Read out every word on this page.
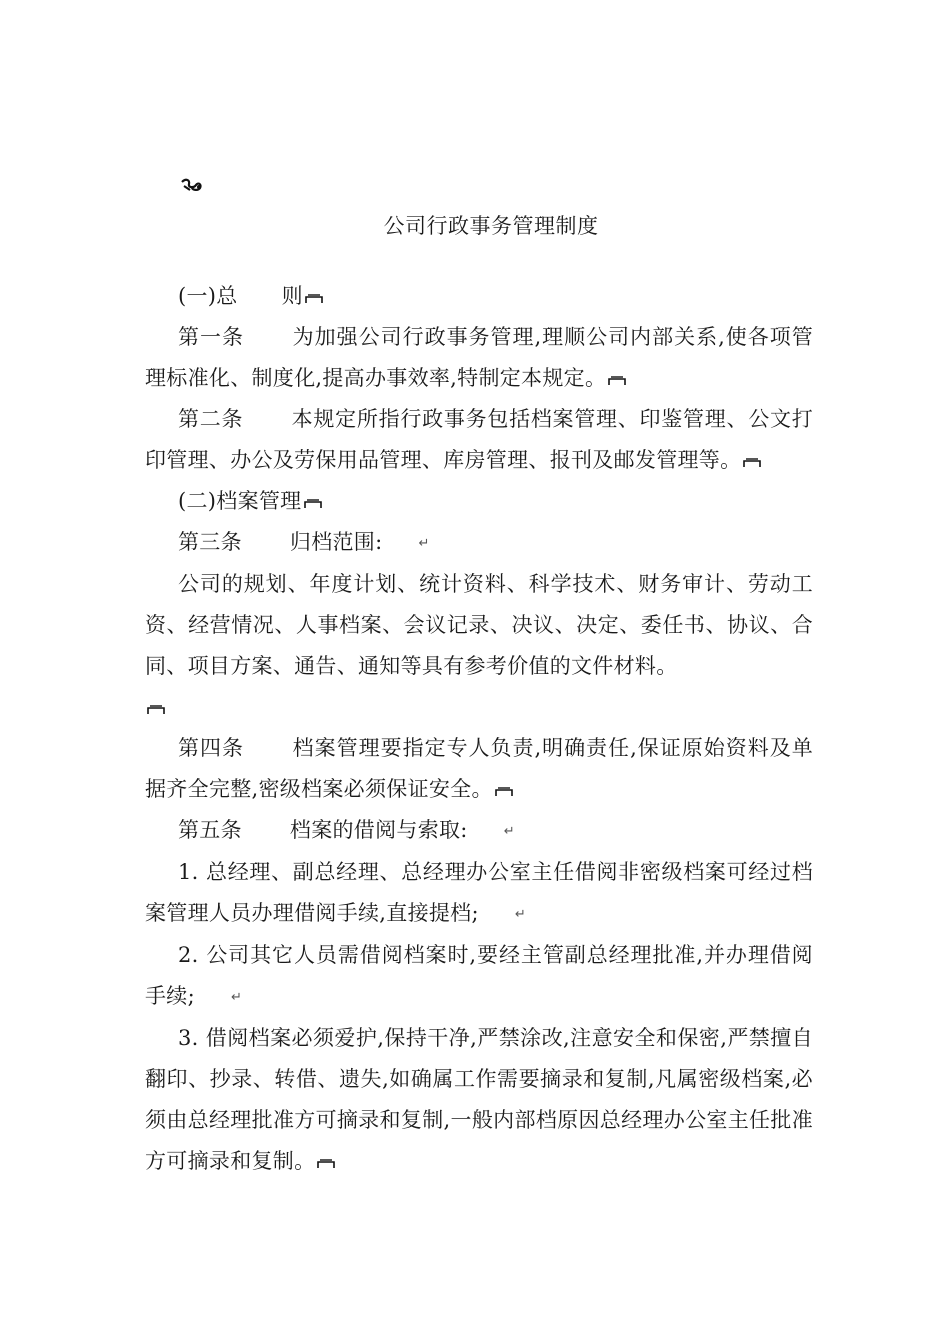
公司行政事务管理制度

(一)总 则

第一条 为加强公司行政事务管理,理顺公司内部关系,使各项管理标准化、制度化,提高办事效率,特制定本规定。

第二条 本规定所指行政事务包括档案管理、印鉴管理、公文打印管理、办公及劳保用品管理、库房管理、报刊及邮发管理等。

(二)档案管理

第三条 归档范围:	↵

公司的规划、年度计划、统计资料、科学技术、财务审计、劳动工资、经营情况、人事档案、会议记录、决议、决定、委任书、协议、合同、项目方案、通告、通知等具有参考价值的文件材料。

第四条 档案管理要指定专人负责,明确责任,保证原始资料及单据齐全完整,密级档案必须保证安全。

第五条 档案的借阅与索取:	↵

1. 总经理、副总经理、总经理办公室主任借阅非密级档案可经过档案管理人员办理借阅手续,直接提档;	↵

2. 公司其它人员需借阅档案时,要经主管副总经理批准,并办理借阅手续;	↵

3. 借阅档案必须爱护,保持干净,严禁涂改,注意安全和保密,严禁擅自翻印、抄录、转借、遗失,如确属工作需要摘录和复制,凡属密级档案,必须由总经理批准方可摘录和复制,一般内部档原因总经理办公室主任批准方可摘录和复制。
